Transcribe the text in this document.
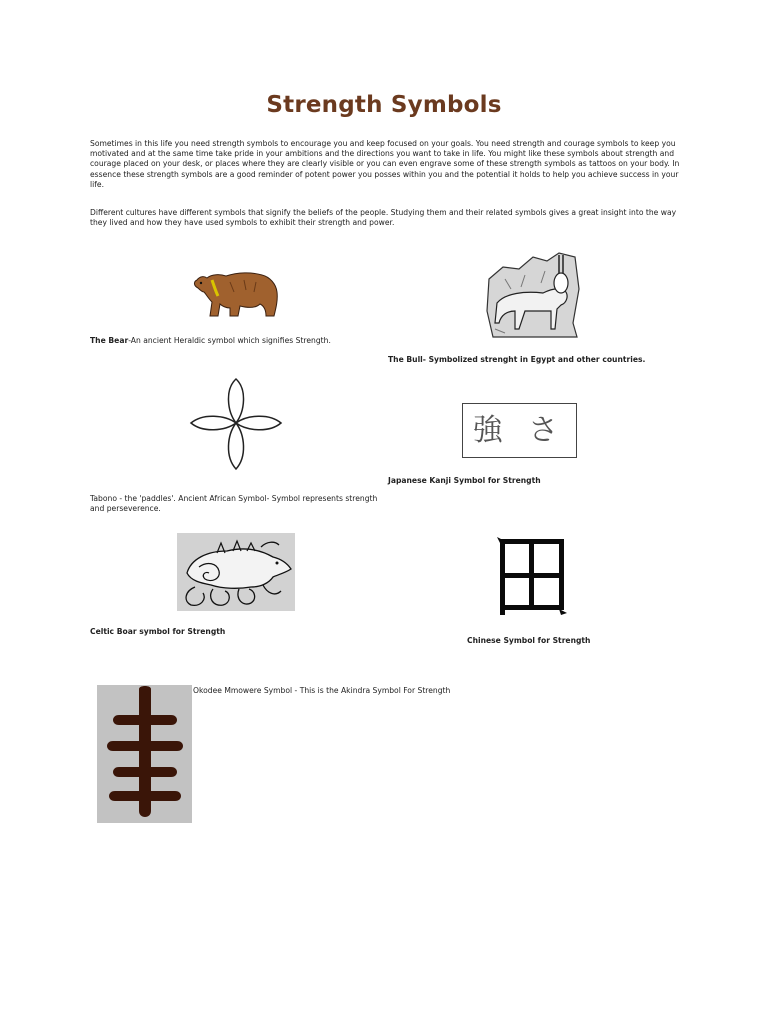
Strength Symbols
Sometimes in this life you need strength symbols to encourage you and keep focused on your goals. You need strength and courage symbols to keep you motivated and at the same time take pride in your ambitions and the directions you want to take in life. You might like these symbols about strength and courage placed on your desk, or places where they are clearly visible or you can even engrave some of these strength symbols as tattoos on your body. In essence these strength symbols are a good reminder of potent power you posses within you and the potential it holds to help you achieve success in your life.
Different cultures have different symbols that signify the beliefs of the people. Studying them and their related symbols gives a great insight into the way they lived and how they have used symbols to exhibit their strength and power.
The Bear-An ancient Heraldic symbol which signifies Strength.
The Bull- Symbolized strenght in Egypt and other countries.
強 さ
Japanese Kanji Symbol for Strength
Tabono - the 'paddles'. Ancient African Symbol- Symbol represents strength and perseverence.
Celtic Boar symbol for Strength
Chinese Symbol for Strength
Okodee Mmowere Symbol - This is the Akindra Symbol For Strength
